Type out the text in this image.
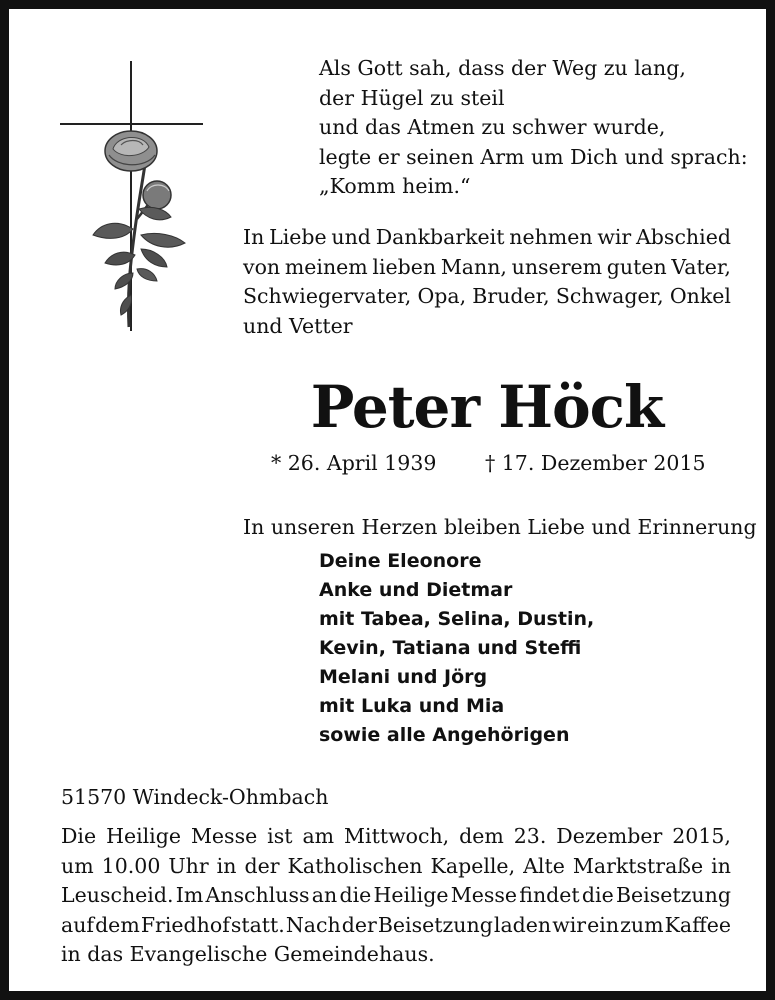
Als Gott sah, dass der Weg zu lang,
der Hügel zu steil
und das Atmen zu schwer wurde,
legte er seinen Arm um Dich und sprach:
„Komm heim.“
In Liebe und Dankbarkeit nehmen wir Abschied
von meinem lieben Mann, unserem guten Vater,
Schwiegervater, Opa, Bruder, Schwager, Onkel
und Vetter
Peter Höck
* 26. April 1939 † 17. Dezember 2015
In unseren Herzen bleiben Liebe und Erinnerung
Deine Eleonore
Anke und Dietmar
mit Tabea, Selina, Dustin,
Kevin, Tatiana und Steffi
Melani und Jörg
mit Luka und Mia
sowie alle Angehörigen
51570 Windeck-Ohmbach
Die Heilige Messe ist am Mittwoch, dem 23. Dezember 2015,
um 10.00 Uhr in der Katholischen Kapelle, Alte Marktstraße in
Leuscheid. Im Anschluss an die Heilige Messe findet die Beisetzung
auf dem Friedhof statt. Nach der Beisetzung laden wir ein zum Kaffee
in das Evangelische Gemeindehaus.
